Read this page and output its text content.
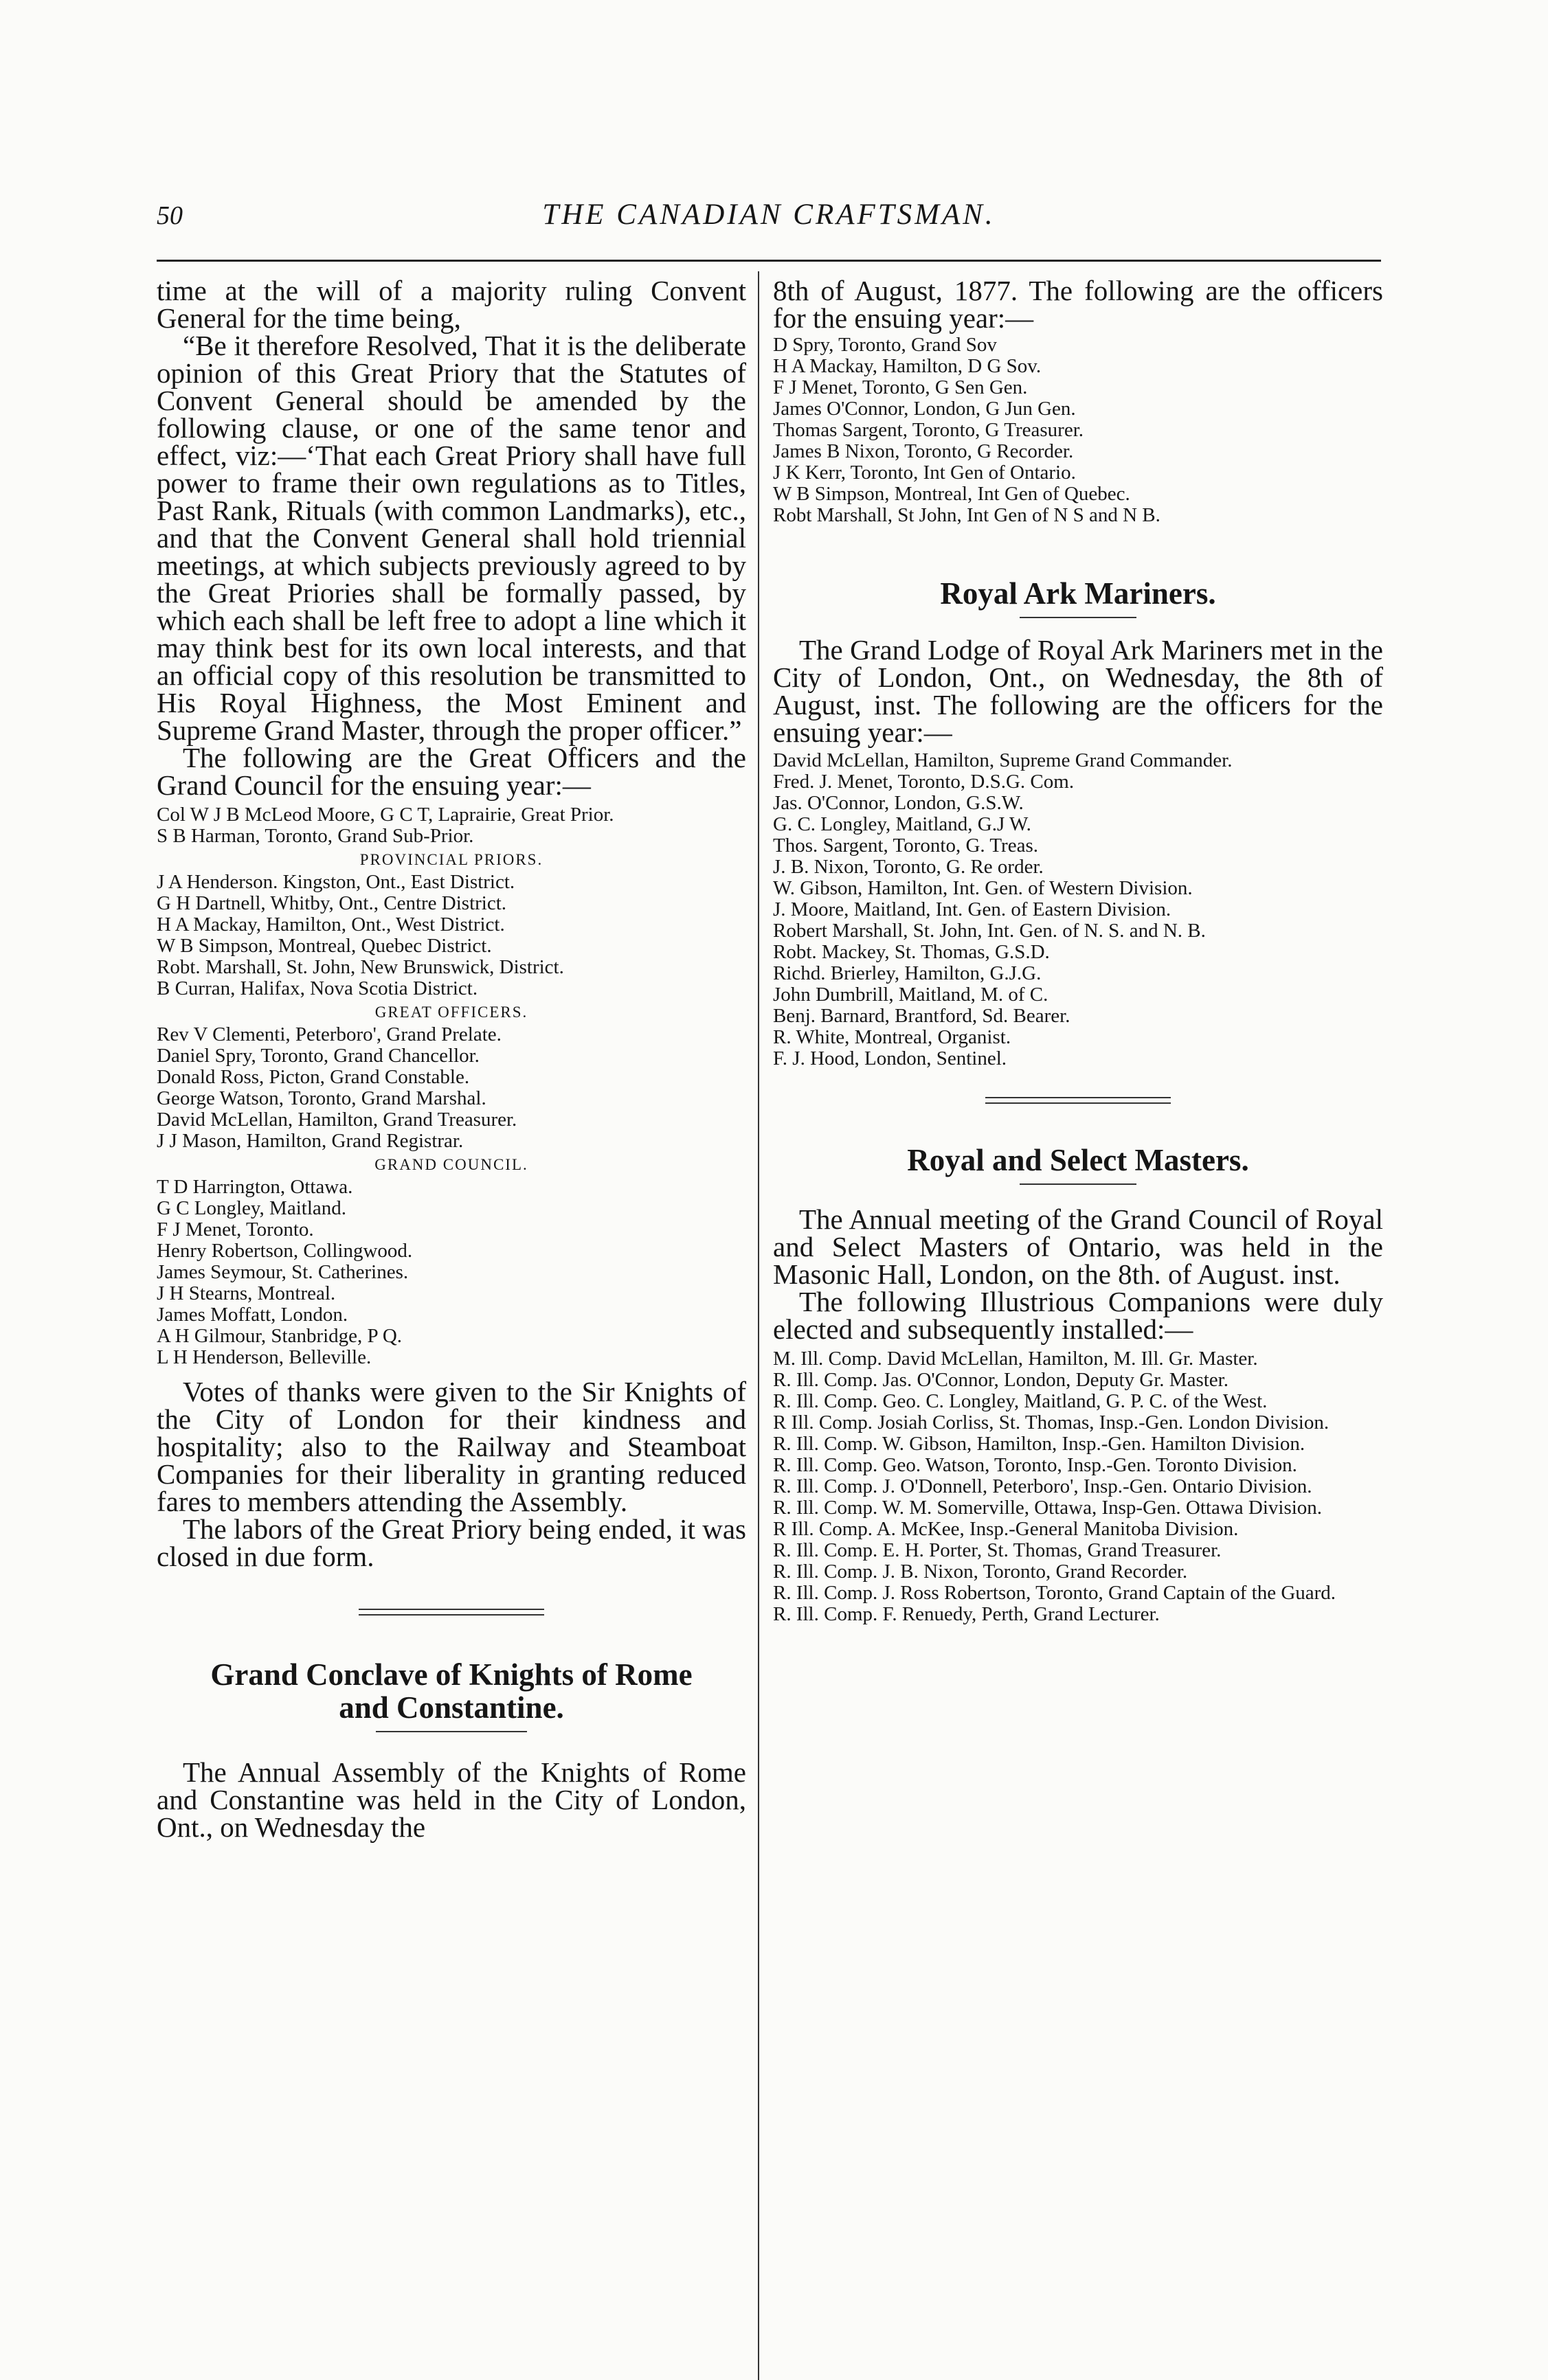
50	THE CANADIAN CRAFTSMAN.

time at the will of a majority ruling Convent General for the time being,

“Be it therefore Resolved, That it is the deliberate opinion of this Great Priory that the Statutes of Convent General should be amended by the following clause, or one of the same tenor and effect, viz:—‘That each Great Priory shall have full power to frame their own regulations as to Titles, Past Rank, Rituals (with common Landmarks), etc., and that the Convent General shall hold triennial meetings, at which subjects previously agreed to by the Great Priories shall be formally passed, by which each shall be left free to adopt a line which it may think best for its own local interests, and that an official copy of this resolution be transmitted to His Royal Highness, the Most Eminent and Supreme Grand Master, through the proper officer.”

The following are the Great Officers and the Grand Council for the ensuing year:—

Col W J B McLeod Moore, G C T, Laprairie, Great Prior.

S B Harman, Toronto, Grand Sub-Prior.

PROVINCIAL PRIORS.

J A Henderson. Kingston, Ont., East District.

G H Dartnell, Whitby, Ont., Centre District.

H A Mackay, Hamilton, Ont., West District.

W B Simpson, Montreal, Quebec District.

Robt. Marshall, St. John, New Brunswick, District.

B Curran, Halifax, Nova Scotia District.

GREAT OFFICERS.

Rev V Clementi, Peterboro', Grand Prelate.

Daniel Spry, Toronto, Grand Chancellor.

Donald Ross, Picton, Grand Constable.

George Watson, Toronto, Grand Marshal.

David McLellan, Hamilton, Grand Treasurer.

J J Mason, Hamilton, Grand Registrar.

GRAND COUNCIL.

T D Harrington, Ottawa.

G C Longley, Maitland.

F J Menet, Toronto.

Henry Robertson, Collingwood.

James Seymour, St. Catherines.

J H Stearns, Montreal.

James Moffatt, London.

A H Gilmour, Stanbridge, P Q.

L H Henderson, Belleville.

Votes of thanks were given to the Sir Knights of the City of London for their kindness and hospitality; also to the Railway and Steamboat Companies for their liberality in granting reduced fares to members attending the Assembly.

The labors of the Great Priory being ended, it was closed in due form.

Grand Conclave of Knights of Rome and Constantine.

The Annual Assembly of the Knights of Rome and Constantine was held in the City of London, Ont., on Wednesday the

8th of August, 1877. The following are the officers for the ensuing year:—

D Spry, Toronto, Grand Sov

H A Mackay, Hamilton, D G Sov.

F J Menet, Toronto, G Sen Gen.

James O'Connor, London, G Jun Gen.

Thomas Sargent, Toronto, G Treasurer.

James B Nixon, Toronto, G Recorder.

J K Kerr, Toronto, Int Gen of Ontario.

W B Simpson, Montreal, Int Gen of Quebec.

Robt Marshall, St John, Int Gen of N S and N B.

Royal Ark Mariners.

The Grand Lodge of Royal Ark Mariners met in the City of London, Ont., on Wednesday, the 8th of August, inst. The following are the officers for the ensuing year:—

David McLellan, Hamilton, Supreme Grand Commander.

Fred. J. Menet, Toronto, D.S.G. Com.

Jas. O'Connor, London, G.S.W.

G. C. Longley, Maitland, G.J W.

Thos. Sargent, Toronto, G. Treas.

J. B. Nixon, Toronto, G. Re order.

W. Gibson, Hamilton, Int. Gen. of Western Division.

J. Moore, Maitland, Int. Gen. of Eastern Division.

Robert Marshall, St. John, Int. Gen. of N. S. and N. B.

Robt. Mackey, St. Thomas, G.S.D.

Richd. Brierley, Hamilton, G.J.G.

John Dumbrill, Maitland, M. of C.

Benj. Barnard, Brantford, Sd. Bearer.

R. White, Montreal, Organist.

F. J. Hood, London, Sentinel.

Royal and Select Masters.

The Annual meeting of the Grand Council of Royal and Select Masters of Ontario, was held in the Masonic Hall, London, on the 8th. of August. inst.

The following Illustrious Companions were duly elected and subsequently installed:—

M. Ill. Comp. David McLellan, Hamilton, M. Ill. Gr. Master.

R. Ill. Comp. Jas. O'Connor, London, Deputy Gr. Master.

R. Ill. Comp. Geo. C. Longley, Maitland, G. P. C. of the West.

R Ill. Comp. Josiah Corliss, St. Thomas, Insp.-Gen. London Division.

R. Ill. Comp. W. Gibson, Hamilton, Insp.-Gen. Hamilton Division.

R. Ill. Comp. Geo. Watson, Toronto, Insp.-Gen. Toronto Division.

R. Ill. Comp. J. O'Donnell, Peterboro', Insp.-Gen. Ontario Division.

R. Ill. Comp. W. M. Somerville, Ottawa, Insp-Gen. Ottawa Division.

R Ill. Comp. A. McKee, Insp.-General Manitoba Division.

R. Ill. Comp. E. H. Porter, St. Thomas, Grand Treasurer.

R. Ill. Comp. J. B. Nixon, Toronto, Grand Recorder.

R. Ill. Comp. J. Ross Robertson, Toronto, Grand Captain of the Guard.

R. Ill. Comp. F. Renuedy, Perth, Grand Lecturer.
